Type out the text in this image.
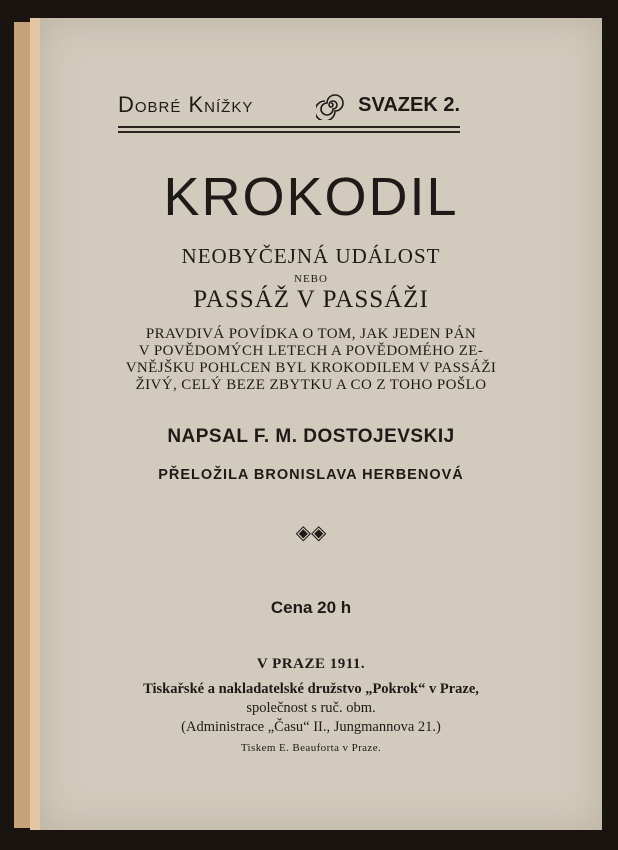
Dobré Knížky	SVAZEK 2.
KROKODIL
NEOBYČEJNÁ UDÁLOST
NEBO
PASSÁŽ V PASSÁŽI
PRAVDIVÁ POVÍDKA O TOM, JAK JEDEN PÁN
V POVĚDOMÝCH LETECH A POVĚDOMÉHO ZE-
VNĚJŠKU POHLCEN BYL KROKODILEM V PASSÁŽI
ŽIVÝ, CELÝ BEZE ZBYTKU A CO Z TOHO POŠLO
NAPSAL F. M. DOSTOJEVSKIJ
PŘELOŽILA BRONISLAVA HERBENOVÁ
◈◈
Cena 20 h
V PRAZE 1911.
Tiskařské a nakladatelské družstvo „Pokrok“ v Praze,
společnost s ruč. obm.
(Administrace „Času“ II., Jungmannova 21.)
Tiskem E. Beauforta v Praze.
